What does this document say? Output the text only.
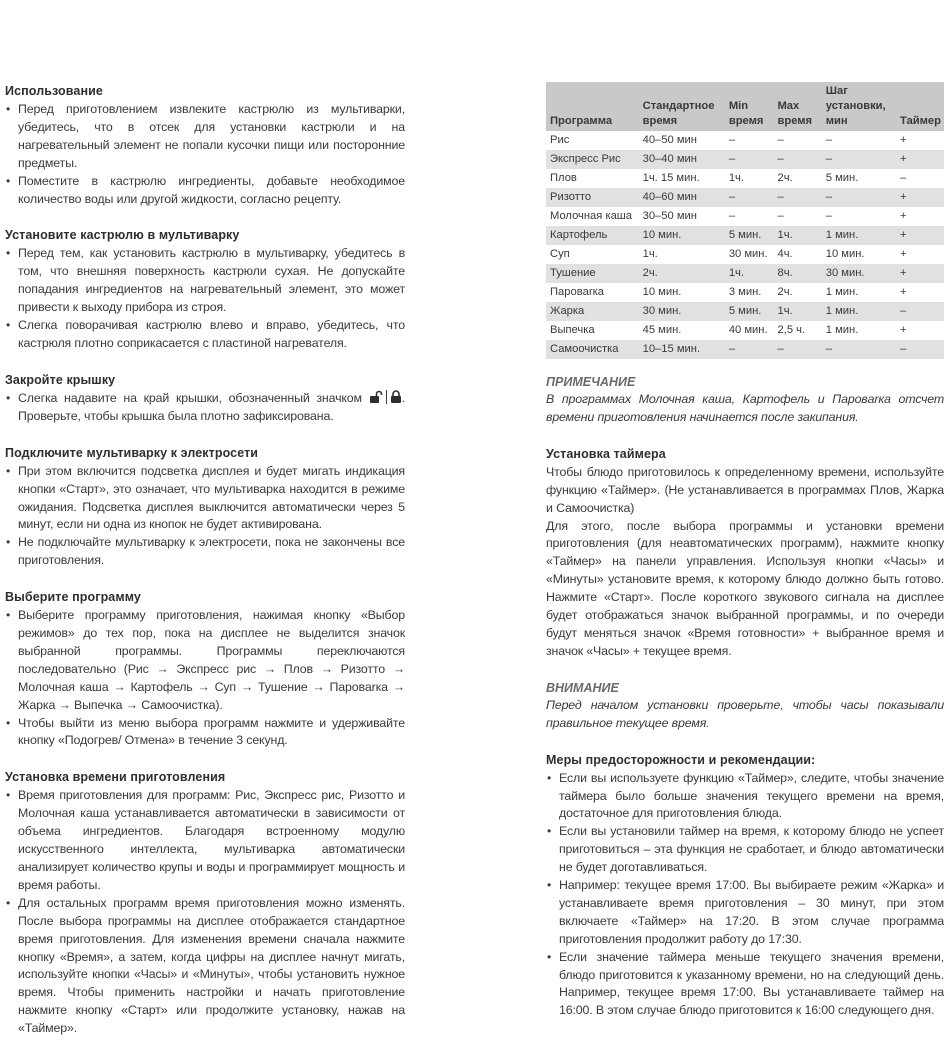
Использование
• Перед приготовлением извлеките кастрюлю из мультиварки, убедитесь, что в отсек для установки кастрюли и на нагревательный элемент не попали кусочки пищи или посторонние предметы.
• Поместите в кастрюлю ингредиенты, добавьте необходимое количество воды или другой жидкости, согласно рецепту.
Установите кастрюлю в мультиварку
• Перед тем, как установить кастрюлю в мультиварку, убедитесь в том, что внешняя поверхность кастрюли сухая. Не допускайте попадания ингредиентов на нагревательный элемент, это может привести к выходу прибора из строя.
• Слегка поворачивая кастрюлю влево и вправо, убедитесь, что кастрюля плотно соприкасается с пластиной нагревателя.
Закройте крышку
• Слегка надавите на край крышки, обозначенный значком	. Проверьте, чтобы крышка была плотно зафиксирована.
Подключите мультиварку к электросети
• При этом включится подсветка дисплея и будет мигать индикация кнопки «Старт», это означает, что мультиварка находится в режиме ожидания. Подсветка дисплея выключится автоматически через 5 минут, если ни одна из кнопок не будет активирована.
• Не подключайте мультиварку к электросети, пока не закончены все приготовления.
Выберите программу
• Выберите программу приготовления, нажимая кнопку «Выбор режимов» до тех пор, пока на дисплее не выделится значок выбранной программы. Программы переключаются последовательно (Рис → Экспресс рис → Плов → Ризотто → Молочная каша → Картофель → Суп → Тушение → Паровarка → Жарка → Выпечка → Самоочистка).
• Чтобы выйти из меню выбора программ нажмите и удерживайте кнопку «Подогрев/ Отмена» в течение 3 секунд.
Установка времени приготовления
• Время приготовления для программ: Рис, Экспресс рис, Ризотто и Молочная каша устанавливается автоматически в зависимости от объема ингредиентов. Благодаря встроенному модулю искусственного интеллекта, мультиварка автоматически анализирует количество крупы и воды и программирует мощность и время работы.
• Для остальных программ время приготовления можно изменять. После выбора программы на дисплее отображается стандартное время приготовления. Для изменения времени сначала нажмите кнопку «Время», а затем, когда цифры на дисплее начнут мигать, используйте кнопки «Часы» и «Минуты», чтобы установить нужное время. Чтобы применить настройки и начать приготовление нажмите кнопку «Старт» или продолжите установку, нажав на «Таймер».
Программа	Стандартное время	Min время	Max время	Шаг установки, мин	Таймер
Рис	40–50 мин	–	–	–	+
Экспресс Рис	30–40 мин	–	–	–	+
Плов	1ч. 15 мин.	1ч.	2ч.	5 мин.	–
Ризотто	40–60 мин	–	–	–	+
Молочная каша	30–50 мин	–	–	–	+
Картофель	10 мин.	5 мин.	1ч.	1 мин.	+
Суп	1ч.	30 мин.	4ч.	10 мин.	+
Тушение	2ч.	1ч.	8ч.	30 мин.	+
Паровarка	10 мин.	3 мин.	2ч.	1 мин.	+
Жарка	30 мин.	5 мин.	1ч.	1 мин.	–
Выпечка	45 мин.	40 мин.	2,5 ч.	1 мин.	+
Самоочистка	10–15 мин.	–	–	–	–
ПРИМЕЧАНИЕ

В программах Молочная каша, Картофель и Паровarка отсчет времени приготовления начинается после закипания.

Установка таймера

Чтобы блюдо приготовилось к определенному времени, используйте функцию «Таймер». (Не устанавливается в программах Плов, Жарка и Самоочистка)

Для этого, после выбора программы и установки времени приготовления (для неавтоматических программ), нажмите кнопку «Таймер» на панели управления. Используя кнопки «Часы» и «Минуты» установите время, к которому блюдо должно быть готово. Нажмите «Старт». После короткого звукового сигнала на дисплее будет отображаться значок выбранной программы, и по очереди будут меняться значок «Время готовности» + выбранное время и значок «Часы» + текущее время.

ВНИМАНИЕ

Перед началом установки проверьте, чтобы часы показывали правильное текущее время.

Меры предосторожности и рекомендации:
• Если вы используете функцию «Таймер», следите, чтобы значение таймера было больше значения текущего времени на время, достаточное для приготовления блюда.
• Если вы установили таймер на время, к которому блюдо не успеет приготовиться – эта функция не сработает, и блюдо автоматически не будет доготавливаться.
• Например: текущее время 17:00. Вы выбираете режим «Жарка» и устанавливаете время приготовления – 30 минут, при этом включаете «Таймер» на 17:20. В этом случае программа приготовления продолжит работу до 17:30.
• Если значение таймера меньше текущего значения времени, блюдо приготовится к указанному времени, но на следующий день. Например, текущее время 17:00. Вы устанавливаете таймер на 16:00. В этом случае блюдо приготовится к 16:00 следующего дня.
